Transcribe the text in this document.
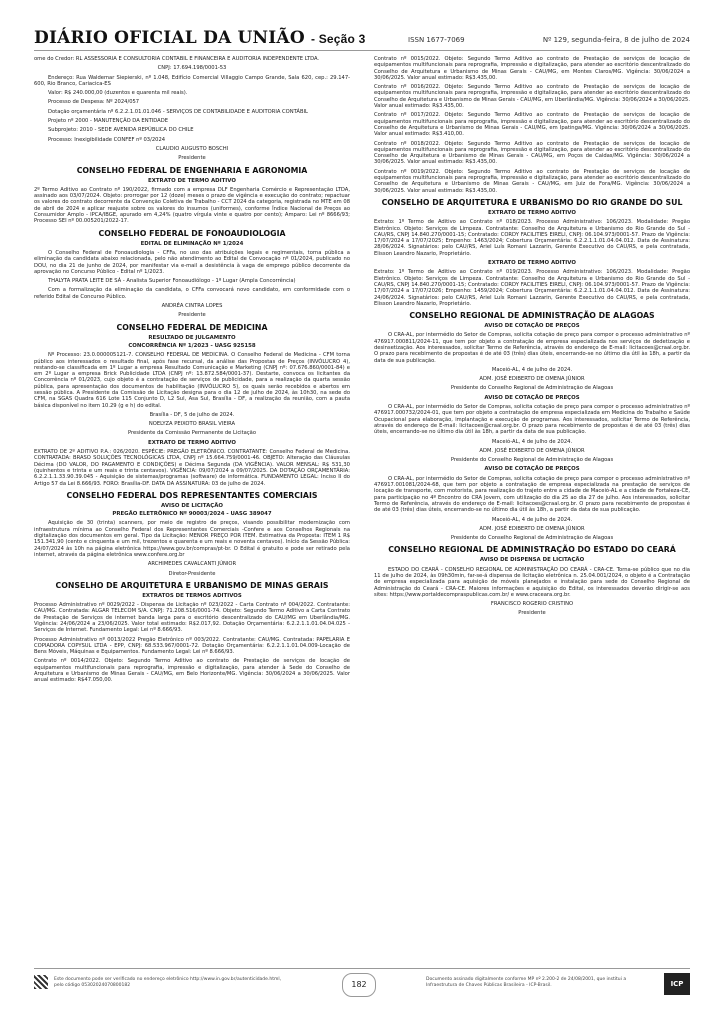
DIÁRIO OFICIAL DA UNIÃO - Seção 3	ISSN 1677-7069	Nº 129, segunda-feira, 8 de julho de 2024

ome do Credor: RL ASSESSORIA E CONSULTORIA CONTÁBIL E FINANCEIRA E AUDITORIA INDEPENDENTE LTDA.

CNPJ: 17.694.198/0001-53

Endereço: Rua Waldemar Siepierski, nº 1.048, Edifício Comercial Villaggio Campo Grande, Sala 620, cep.: 29.147-600, Rio Branco, Cariacica-ES

Valor: R$ 240.000,00 (duzentos e quarenta mil reais).

Processo de Despesa: Nº 2024/057

Dotação orçamentária nº 6.2.2.1.01.01.046 - SERVIÇOS DE CONTABILIDADE E AUDITORIA CONTÁBIL

Projeto nº 2000 - MANUTENÇÃO DA ENTIDADE

Subprojeto: 2010 - SEDE AVENIDA REPÚBLICA DO CHILE

Processo: Inexigibilidade CONFEF nº 03/2024

CLAUDIO AUGUSTO BOSCHI

Presidente

CONSELHO FEDERAL DE ENGENHARIA E AGRONOMIA
EXTRATO DE TERMO ADITIVO

2º Termo Aditivo ao Contrato nº 190/2022, firmado com a empresa DLF Engenharia Comércio e Representação LTDA, assinado aos 03/07/2024. Objeto: prorrogar por 12 (doze) meses o prazo de vigência e execução do contrato; repactuar os valores do contrato decorrente da Convenção Coletiva de Trabalho - CCT 2024 da categoria, registrada no MTE em 08 de abril de 2024 e aplicar reajuste sobre os valores do insumos (uniformes), conforme Índice Nacional de Preços ao Consumidor Amplo - IPCA/IBGE, apurado em 4,24% (quatro vírgula vinte e quatro por cento); Amparo: Lei nº 8666/93; Processo SEI nº 00.005201/2022-17.

CONSELHO FEDERAL DE FONOAUDIOLOGIA
EDITAL DE ELIMINAÇÃO Nº 1/2024

O Conselho Federal de Fonoaudiologia - CFFa, no uso das atribuições legais e regimentais, torna pública a eliminação da candidata abaixo relacionada, pelo não atendimento ao Edital de Convocação nº 01/2024, publicado no DOU, no dia 21 de junho de 2024, por manifestar via e-mail a desistência à vaga de emprego público decorrente da aprovação no Concurso Público - Edital nº 1/2023.

THALYTA PRATA LEITE DE SÁ - Analista Superior Fonoaudiólogo - 1º Lugar (Ampla Concorrência)

Com a formalização da eliminação da candidata, o CFFa convocará novo candidato, em conformidade com o referido Edital de Concurso Público.

ANDRÉA CINTRA LOPES

Presidente

CONSELHO FEDERAL DE MEDICINA
RESULTADO DE JULGAMENTO
CONCORRÊNCIA Nº 1/2023 - UASG 925158

Nº Processo: 23.0.000005121-7. CONSELHO FEDERAL DE MEDICINA. O Conselho Federal de Medicina - CFM torna público aos interessados o resultado final, após fase recursal, da análise das Propostas de Preços (INVÓLUCRO 4), restando-se classificada em 1º Lugar a empresa Resultado Comunicação e Marketing (CNPJ nº: 07.676.860/0001-84) e em 2º Lugar a empresa Brick Publicidade LTDA (CNPJ nº: 13.872.584/0001-37). Destarte, convoca os licitantes da Concorrência nº 01/2023, cujo objeto é a contratação de serviços de publicidade, para a realização da quarta sessão pública, para apresentação dos documentos de habilitação (INVÓLUCRO 5), os quais serão recebidos e abertos em sessão pública. A Presidente da Comissão de Licitação designa para o dia 12 de julho de 2024, às 10h30, na sede do CFM, na SGAS Quadra 616 Lote 115 Conjunto D, L2 Sul, Asa Sul, Brasília - DF, a realização da reunião, com a pauta básica disponível no item 10.29 (g e h) do edital.

Brasília - DF, 5 de julho de 2024.

NOELYZA PEIXOTO BRASIL VIEIRA

Presidente da Comissão Permanente de Licitação

EXTRATO DE TERMO ADITIVO

EXTRATO DE 2º ADITIVO P.A.: 026/2020. ESPÉCIE: PREGÃO ELETRÔNICO. CONTRATANTE: Conselho Federal de Medicina. CONTRATADA: BRASO SOLUÇÕES TECNOLÓGICAS LTDA, CNPJ nº 15.664.759/0001-46. OBJETO: Alteração das Cláusulas Décima (DO VALOR, DO PAGAMENTO E CONDIÇÕES) e Décima Segunda (DA VIGÊNCIA). VALOR MENSAL: R$ 531,30 (quinhentos e trinta e um reais e trinta centavos). VIGÊNCIA: 09/07/2024 a 09/07/2025. DA DOTAÇÃO ORÇAMENTÁRIA: 6.2.2.1.1.33.90.39.045 - Aquisição de sistemas/programas (software) de informática. FUNDAMENTO LEGAL: Inciso II do Artigo 57 da Lei 8.666/93. FORO: Brasília-DF. DATA DA ASSINATURA: 03 de julho de 2024.

CONSELHO FEDERAL DOS REPRESENTANTES COMERCIAIS
AVISO DE LICITAÇÃO
PREGÃO ELETRÔNICO Nº 90003/2024 - UASG 389047

Aquisição de 30 (trinta) scanners, por meio de registro de preços, visando possibilitar modernização com infraestrutura mínima ao Conselho Federal dos Representantes Comerciais -Confere e aos Conselhos Regionais na digitalização dos documentos em geral. Tipo da Licitação: MENOR PREÇO POR ITEM. Estimativa da Proposta: ITEM 1 R$ 151.341,90 (cento e cinquenta e um mil, trezentos e quarenta e um reais e noventa centavos). Início da Sessão Pública: 24/07/2024 às 10h na página eletrônica https://www.gov.br/compras/pt-br. O Edital é gratuito e pode ser retirado pela internet, através da página eletrônica www.confere.org.br

ARCHIMEDES CAVALCANTI JÚNIOR

Diretor-Presidente

CONSELHO DE ARQUITETURA E URBANISMO DE MINAS GERAIS
EXTRATOS DE TERMOS ADITIVOS

Processo Administrativo nº 0029/2022 - Dispensa de Licitação nº 023/2022 - Carta Contrato nº 004/2022. Contratante: CAU/MG. Contratada: ALGAR TELECOM S/A. CNPJ: 71.208.516/0001-74. Objeto: Segundo Termo Aditivo a Carta Contrato de Prestação de Serviços de internet banda larga para o escritório descentralizado do CAU/MG em Uberlândia/MG. Vigência: 24/06/2024 a 23/06/2025. Valor total estimado: R$2.017,92. Dotação Orçamentária: 6.2.2.1.1.01.04.04.025 - Serviços de Internet. Fundamento Legal: Lei nº 8.666/93.

Processo Administrativo nº 0013/2022 Pregão Eletrônico nº 003/2022. Contratante: CAU/MG. Contratada: PAPELARIA E COPIADORA COPYSUL LTDA - EPP, CNPJ: 68.533.967/0001-72. Dotação Orçamentária: 6.2.2.1.1.01.04.009-Locação de Bens Móveis, Máquinas e Equipamentos. Fundamento Legal: Lei nº 8.666/93.

Contrato nº 0014/2022. Objeto: Segundo Termo Aditivo ao contrato de Prestação de serviços de locação de equipamentos multifuncionais para reprografia, impressão e digitalização, para atender à Sede do Conselho de Arquitetura e Urbanismo de Minas Gerais - CAU/MG, em Belo Horizonte/MG. Vigência: 30/06/2024 a 30/06/2025. Valor anual estimado: R$47.050,00.

Contrato nº 0015/2022. Objeto: Segundo Termo Aditivo ao contrato de Prestação de serviços de locação de equipamentos multifuncionais para reprografia, impressão e digitalização, para atender ao escritório descentralizado do Conselho de Arquitetura e Urbanismo de Minas Gerais - CAU/MG, em Montes Claros/MG. Vigência: 30/06/2024 a 30/06/2025. Valor anual estimado: R$3.435,00.

Contrato nº 0016/2022. Objeto: Segundo Termo Aditivo ao contrato de Prestação de serviços de locação de equipamentos multifuncionais para reprografia, impressão e digitalização, para atender ao escritório descentralizado do Conselho de Arquitetura e Urbanismo de Minas Gerais - CAU/MG, em Uberlândia/MG. Vigência: 30/06/2024 a 30/06/2025. Valor anual estimado: R$3.435,00.

Contrato nº 0017/2022. Objeto: Segundo Termo Aditivo ao contrato de Prestação de serviços de locação de equipamentos multifuncionais para reprografia, impressão e digitalização, para atender ao escritório descentralizado do Conselho de Arquitetura e Urbanismo de Minas Gerais - CAU/MG, em Ipatinga/MG. Vigência: 30/06/2024 a 30/06/2025. Valor anual estimado: R$3.410,00.

Contrato nº 0018/2022. Objeto: Segundo Termo Aditivo ao contrato de Prestação de serviços de locação de equipamentos multifuncionais para reprografia, impressão e digitalização, para atender ao escritório descentralizado do Conselho de Arquitetura e Urbanismo de Minas Gerais - CAU/MG, em Poços de Caldas/MG. Vigência: 30/06/2024 a 30/06/2025. Valor anual estimado: R$3.435,00.

Contrato nº 0019/2022. Objeto: Segundo Termo Aditivo ao contrato de Prestação de serviços de locação de equipamentos multifuncionais para reprografia, impressão e digitalização, para atender ao escritório descentralizado do Conselho de Arquitetura e Urbanismo de Minas Gerais - CAU/MG, em Juiz de Fora/MG. Vigência: 30/06/2024 a 30/06/2025. Valor anual estimado: R$3.435,00.

CONSELHO DE ARQUITETURA E URBANISMO DO RIO GRANDE DO SUL
EXTRATO DE TERMO ADITIVO

Extrato: 1º Termo de Aditivo ao Contrato nº 018/2023. Processo Administrativo: 106/2023. Modalidade: Pregão Eletrônico. Objeto: Serviços de Limpeza. Contratante: Conselho de Arquitetura e Urbanismo do Rio Grande do Sul - CAU/RS, CNPJ 14.840.270/0001-15; Contratado: CORDY FACILITIES EIRELI, CNPJ: 06.104.973/0001-57. Prazo de Vigência: 17/07/2024 a 17/07/2025; Empenho: 1463/2024; Cobertura Orçamentária: 6.2.2.1.1.01.04.04.012. Data de Assinatura: 28/06/2024. Signatários: pelo CAU/RS, Ariel Luís Romani Lazzarin, Gerente Executivo do CAU/RS, e pela contratada, Elisson Leandro Nazario, Proprietário.

EXTRATO DE TERMO ADITIVO

Extrato: 1º Termo de Aditivo ao Contrato nº 019/2023. Processo Administrativo: 106/2023. Modalidade: Pregão Eletrônico. Objeto: Serviços de Limpeza. Contratante: Conselho de Arquitetura e Urbanismo do Rio Grande do Sul - CAU/RS, CNPJ 14.840.270/0001-15; Contratado: CORDY FACILITIES EIRELI, CNPJ: 06.104.973/0001-57. Prazo de Vigência: 17/07/2024 a 17/07/2026; Empenho: 1459/2024; Cobertura Orçamentária: 6.2.2.1.1.01.04.04.012. Data de Assinatura: 24/06/2024. Signatários: pelo CAU/RS, Ariel Luís Romani Lazzarin, Gerente Executivo do CAU/RS, e pela contratada, Elisson Leandro Nazario, Proprietário.

CONSELHO REGIONAL DE ADMINISTRAÇÃO DE ALAGOAS
AVISO DE COTAÇÃO DE PREÇOS

O CRA-AL, por intermédio do Setor de Compras, solicita cotação de preço para compor o processo administrativo nº 476917.000811/2024-11, que tem por objeto a contratação de empresa especializada nos serviços de dedetização e desinsetização. Aos interessados, solicitar Termo de Referência, através do endereço de E-mail: licitacoes@craal.org.br. O prazo para recebimento de propostas é de até 03 (três) dias úteis, encerrando-se no último dia útil às 18h, a partir da data de sua publicação.

Maceió-AL, 4 de julho de 2024.

ADM. JOSÉ EDIBERTO DE OMENA JÚNIOR

Presidente do Conselho Regional de Administração de Alagoas

AVISO DE COTAÇÃO DE PREÇOS

O CRA-AL, por intermédio do Setor de Compras, solicita cotação de preço para compor o processo administrativo nº 476917.000732/2024-01, que tem por objeto a contratação de empresa especializada em Medicina do Trabalho e Saúde Ocupacional para elaboração, implantação e execução de programas. Aos interessados, solicitar Termo de Referência, através do endereço de E-mail: licitacoes@craal.org.br. O prazo para recebimento de propostas é de até 03 (três) dias úteis, encerrando-se no último dia útil às 18h, a partir da data de sua publicação.

Maceió-AL, 4 de julho de 2024.

ADM. JOSÉ EDIBERTO DE OMENA JÚNIOR

Presidente do Conselho Regional de Administração de Alagoas

AVISO DE COTAÇÃO DE PREÇOS

O CRA-AL, por intermédio do Setor de Compras, solicita cotação de preço para compor o processo administrativo nº 476917.001081/2024-68, que tem por objeto a contratação de empresa especializada na prestação de serviços de locação de transporte, com motorista, para realização do trajeto entre a cidade de Maceió-AL e a cidade de Fortaleza-CE, para participação no 4º Encontro do CRA Jovem, com utilização do dia 25 ao dia 27 de julho. Aos interessados, solicitar Termo de Referência, através do endereço de E-mail: licitacoes@craal.org.br. O prazo para recebimento de propostas é de até 03 (três) dias úteis, encerrando-se no último dia útil às 18h, a partir da data de sua publicação.

Maceió-AL, 4 de julho de 2024.

ADM. JOSÉ EDIBERTO DE OMENA JÚNIOR

Presidente do Conselho Regional de Administração de Alagoas

CONSELHO REGIONAL DE ADMINISTRAÇÃO DO ESTADO DO CEARÁ
AVISO DE DISPENSA DE LICITAÇÃO

ESTADO DO CEARÁ - CONSELHO REGIONAL DE ADMINISTRAÇÃO DO CEARÁ - CRA-CE. Torna-se público que no dia 11 de julho de 2024, às 09h30min, far-se-á dispensa de licitação eletrônica n. 25.04.001/2024, o objeto é a Contratação de empresa especializada para aquisição de móveis planejados e instalação para sede do Conselho Regional de Administração do Ceará - CRA-CE. Maiores informações e aquisição do Edital, os interessados deverão dirigir-se aos sites: https://www.portaldecompraspublicas.com.br/ e www.craceara.org.br.

FRANCISCO ROGERIO CRISTINO

Presidente

Este documento pode ser verificado no endereço eletrônico http://www.in.gov.br/autenticidade.html, pelo código 05302024070800182	182
Documento assinado digitalmente conforme MP nº 2.200-2 de 24/08/2001, que institui a Infraestrutura de Chaves Públicas Brasileira - ICP-Brasil.	ICP
